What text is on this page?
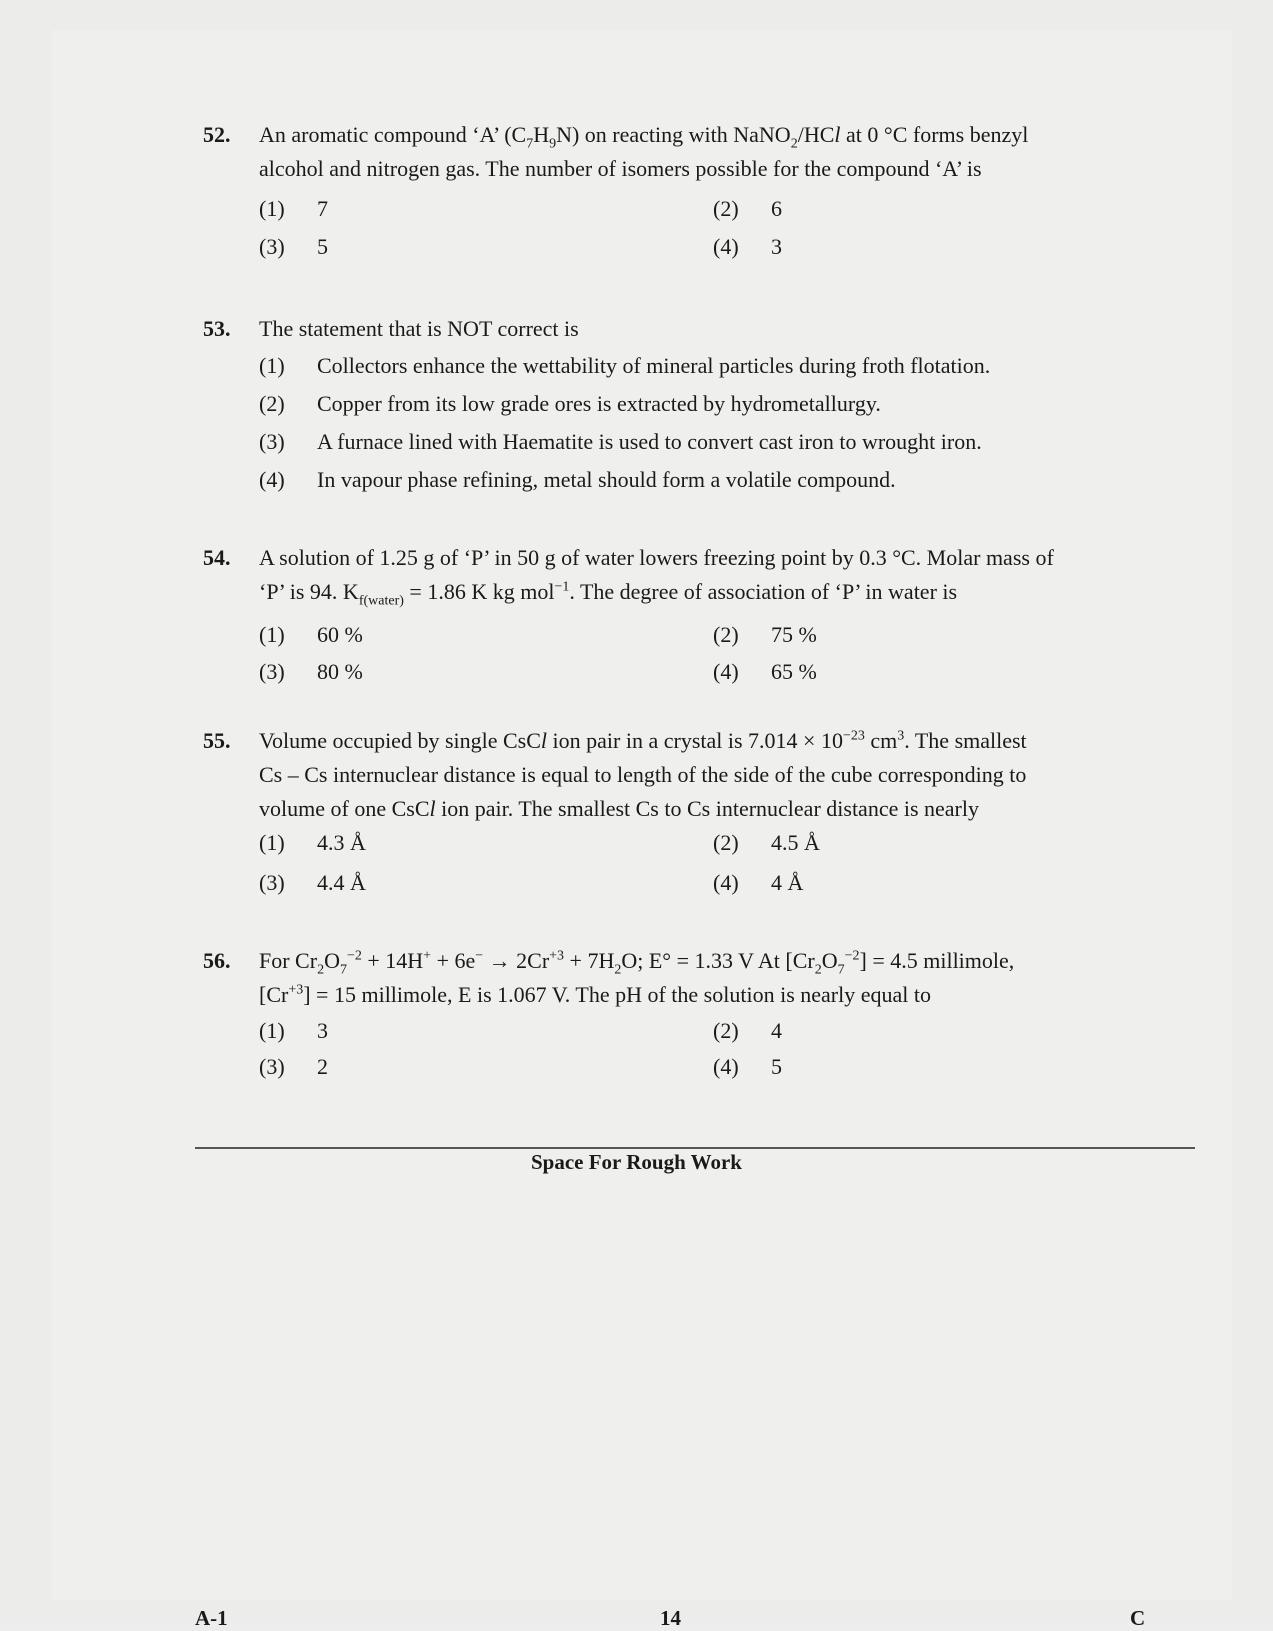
52. An aromatic compound ‘A’ $(C_7H_9N)$ on reacting with NaNO$_2$/HCl at 0 °C forms benzyl
alcohol and nitrogen gas. The number of isomers possible for the compound ‘A’ is
(1) 7	(2) 6
(3) 5	(4) 3
53. The statement that is NOT correct is
(1) Collectors enhance the wettability of mineral particles during froth flotation.
(2) Copper from its low grade ores is extracted by hydrometallurgy.
(3) A furnace lined with Haematite is used to convert cast iron to wrought iron.
(4) In vapour phase refining, metal should form a volatile compound.
54. A solution of 1.25 g of ‘P’ in 50 g of water lowers freezing point by 0.3 °C. Molar mass of
‘P’ is 94. $K_{f(water)} = 1.86$ K kg mol$^{-1}$. The degree of association of ‘P’ in water is
(1) 60 %	(2) 75 %
(3) 80 %	(4) 65 %
55. Volume occupied by single CsCl ion pair in a crystal is $7.014 \times 10^{-23}$ $cm^3$. The smallest
Cs – Cs internuclear distance is equal to length of the side of the cube corresponding to
volume of one CsCl ion pair. The smallest Cs to Cs internuclear distance is nearly
(1) 4.3 Å	(2) 4.5 Å
(3) 4.4 Å	(4) 4 Å
56. For $Cr_2O_7^{-2} + 14H^+ + 6e^- \to 2Cr^{+3} + 7H_2O$; E° = 1.33 V At $[Cr_2O_7^{-2}] = 4.5$ millimole,
$[Cr^{+3}] = 15$ millimole, E is 1.067 V. The pH of the solution is nearly equal to
(1) 3	(2) 4
(3) 2	(4) 5
Space For Rough Work
A-1	14	C
